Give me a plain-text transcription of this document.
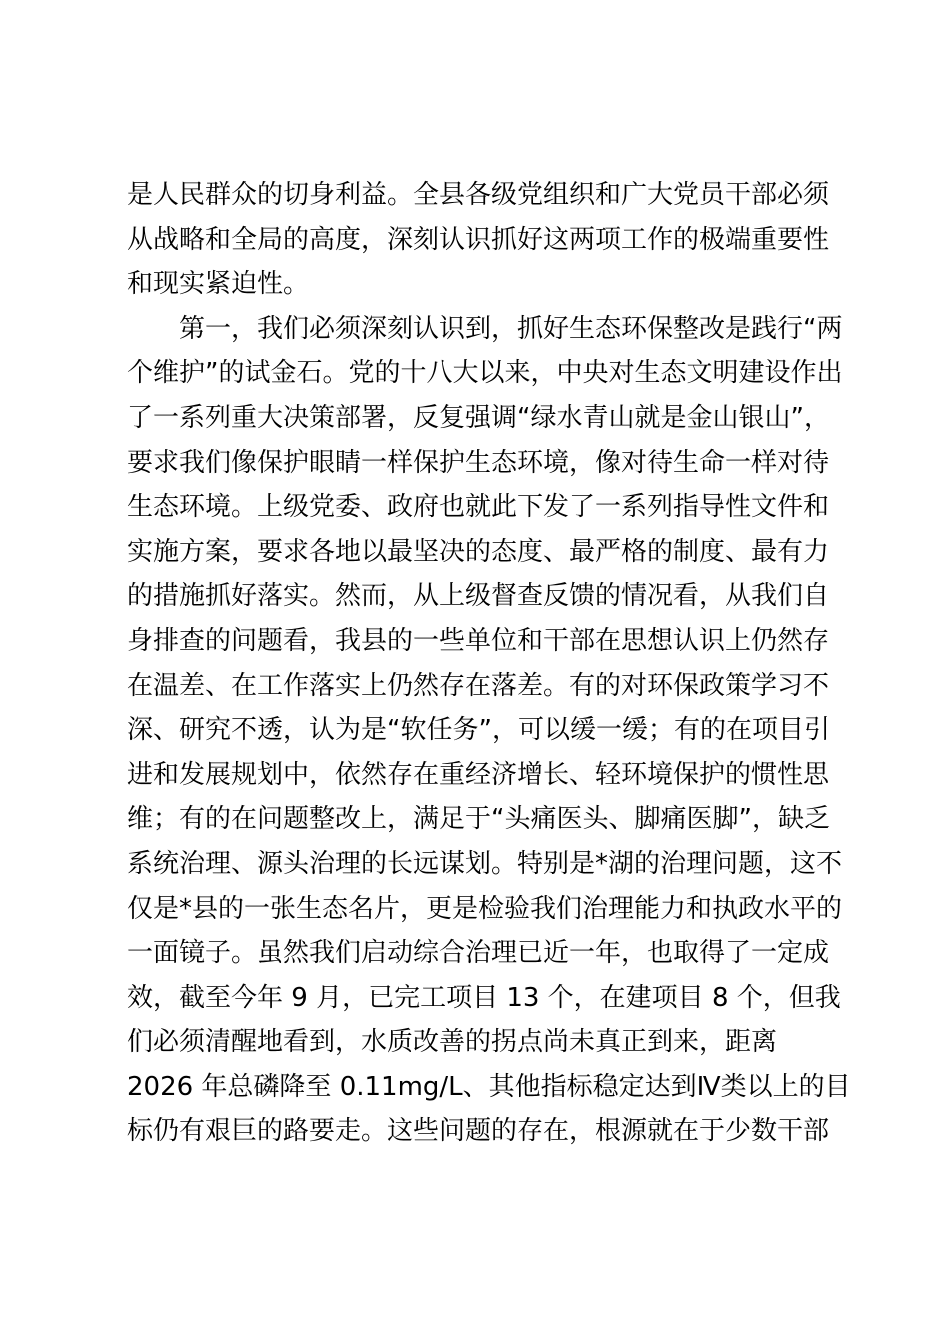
是人民群众的切身利益。全县各级党组织和广大党员干部必须
从战略和全局的高度，深刻认识抓好这两项工作的极端重要性
和现实紧迫性。
第一，我们必须深刻认识到，抓好生态环保整改是践行“两
个维护”的试金石。党的十八大以来，中央对生态文明建设作出
了一系列重大决策部署，反复强调“绿水青山就是金山银山”，
要求我们像保护眼睛一样保护生态环境，像对待生命一样对待
生态环境。上级党委、政府也就此下发了一系列指导性文件和
实施方案，要求各地以最坚决的态度、最严格的制度、最有力
的措施抓好落实。然而，从上级督查反馈的情况看，从我们自
身排查的问题看，我县的一些单位和干部在思想认识上仍然存
在温差、在工作落实上仍然存在落差。有的对环保政策学习不
深、研究不透，认为是“软任务”，可以缓一缓；有的在项目引
进和发展规划中，依然存在重经济增长、轻环境保护的惯性思
维；有的在问题整改上，满足于“头痛医头、脚痛医脚”，缺乏
系统治理、源头治理的长远谋划。特别是*湖的治理问题，这不
仅是*县的一张生态名片，更是检验我们治理能力和执政水平的
一面镜子。虽然我们启动综合治理已近一年，也取得了一定成
效，截至今年 9 月，已完工项目 13 个，在建项目 8 个，但我
们必须清醒地看到，水质改善的拐点尚未真正到来，距离
2026 年总磷降至 0.11mg/L、其他指标稳定达到Ⅳ类以上的目
标仍有艰巨的路要走。这些问题的存在，根源就在于少数干部
